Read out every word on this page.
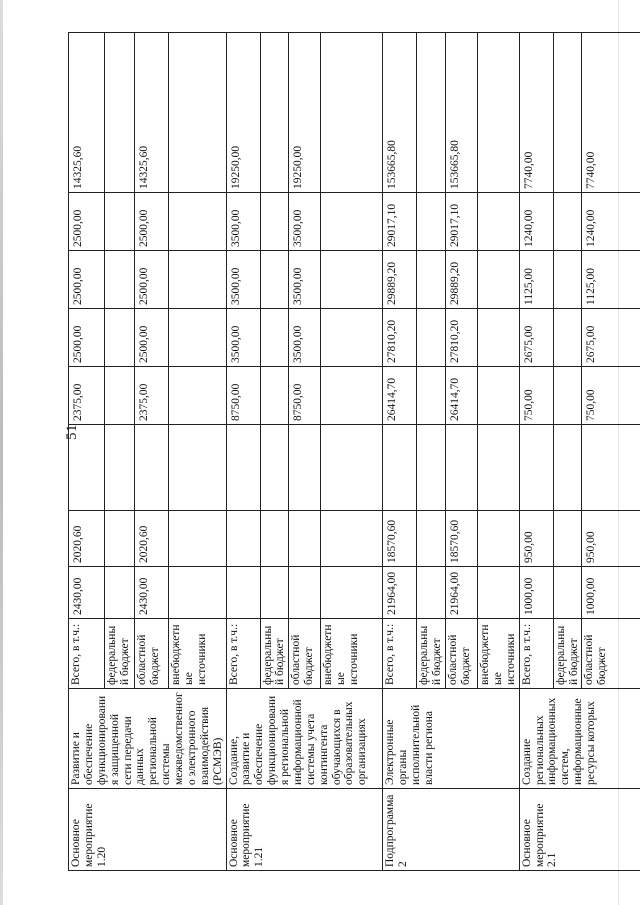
51
Основное мероприятие 1.20	Развитие и обеспечение функционирования защищенной сети передачи данных региональной системы межведомственного электронного взаимодействия (РСМЭВ)	Всего, в т.ч.:	2430,00	2020,60		2375,00	2500,00	2500,00	2500,00	14325,60
		федеральный бюджет								
		областной бюджет	2430,00	2020,60		2375,00	2500,00	2500,00	2500,00	14325,60
		внебюджетные источники								
Основное мероприятие 1.21	Создание, развитие и обеспечение функционирования региональной информационной системы учета контингента обучающихся в образовательных организациях	Всего, в т.ч.:				8750,00	3500,00	3500,00	3500,00	19250,00
		федеральный бюджет								
		областной бюджет				8750,00	3500,00	3500,00	3500,00	19250,00
		внебюджетные источники								
Подпрограмма 2	Электронные органы исполнительной власти региона	Всего, в т.ч.:	21964,00	18570,60		26414,70	27810,20	29889,20	29017,10	153665,80
		федеральный бюджет								
		областной бюджет	21964,00	18570,60		26414,70	27810,20	29889,20	29017,10	153665,80
		внебюджетные источники								
Основное мероприятие 2.1	Создание региональных информационных систем, информационные ресурсы которых	Всего, в т.ч.:	1000,00	950,00		750,00	2675,00	1125,00	1240,00	7740,00
		федеральный бюджет								
		областной бюджет	1000,00	950,00		750,00	2675,00	1125,00	1240,00	7740,00
